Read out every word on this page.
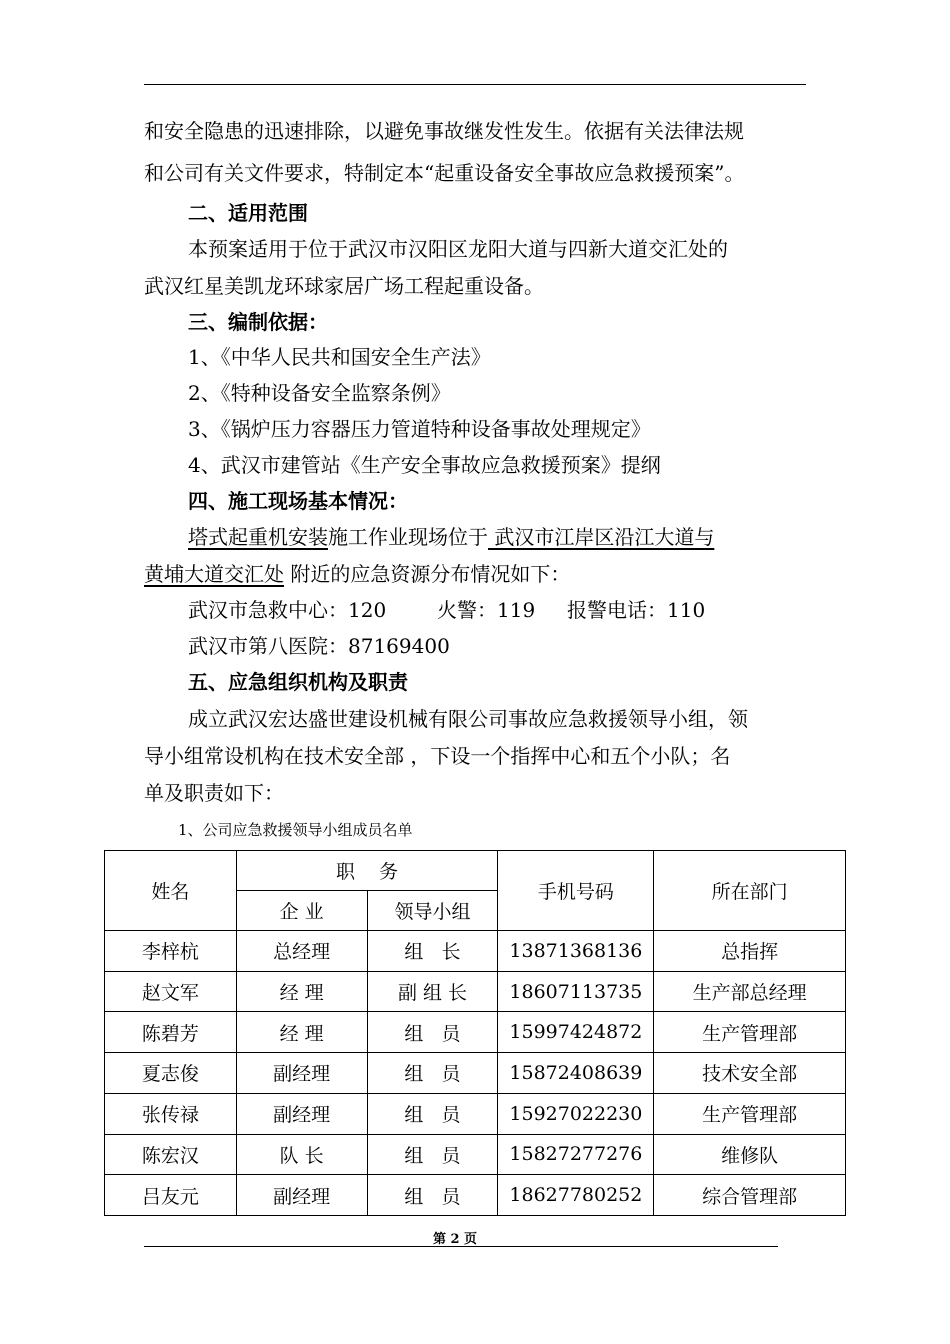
和安全隐患的迅速排除，以避免事故继发性发生。依据有关法律法规
和公司有关文件要求，特制定本“起重设备安全事故应急救援预案”。
二、适用范围
本预案适用于位于武汉市汉阳区龙阳大道与四新大道交汇处的
武汉红星美凯龙环球家居广场工程起重设备。
三、编制依据：
1、《中华人民共和国安全生产法》
2、《特种设备安全监察条例》
3、《锅炉压力容器压力管道特种设备事故处理规定》
4、武汉市建管站《生产安全事故应急救援预案》提纲
四、施工现场基本情况：
塔式起重机安装施工作业现场位于 武汉市江岸区沿江大道与
黄埔大道交汇处 附近的应急资源分布情况如下：
武汉市急救中心：120        火警：119     报警电话：110
武汉市第八医院：87169400
五、应急组织机构及职责
成立武汉宏达盛世建设机械有限公司事故应急救援领导小组，领
导小组常设机构在技术安全部 ，下设一个指挥中心和五个小队；名
单及职责如下：
1、公司应急救援领导小组成员名单
姓名	职    务		手机号码	所在部门
	企 业	领导小组		
李梓杭	总经理	组   长	13871368136	总指挥
赵文军	经 理	副 组 长	18607113735	生产部总经理
陈碧芳	经 理	组   员	15997424872	生产管理部
夏志俊	副经理	组   员	15872408639	技术安全部
张传禄	副经理	组   员	15927022230	生产管理部
陈宏汉	队 长	组   员	15827277276	维修队
吕友元	副经理	组   员	18627780252	综合管理部
第 2 页
